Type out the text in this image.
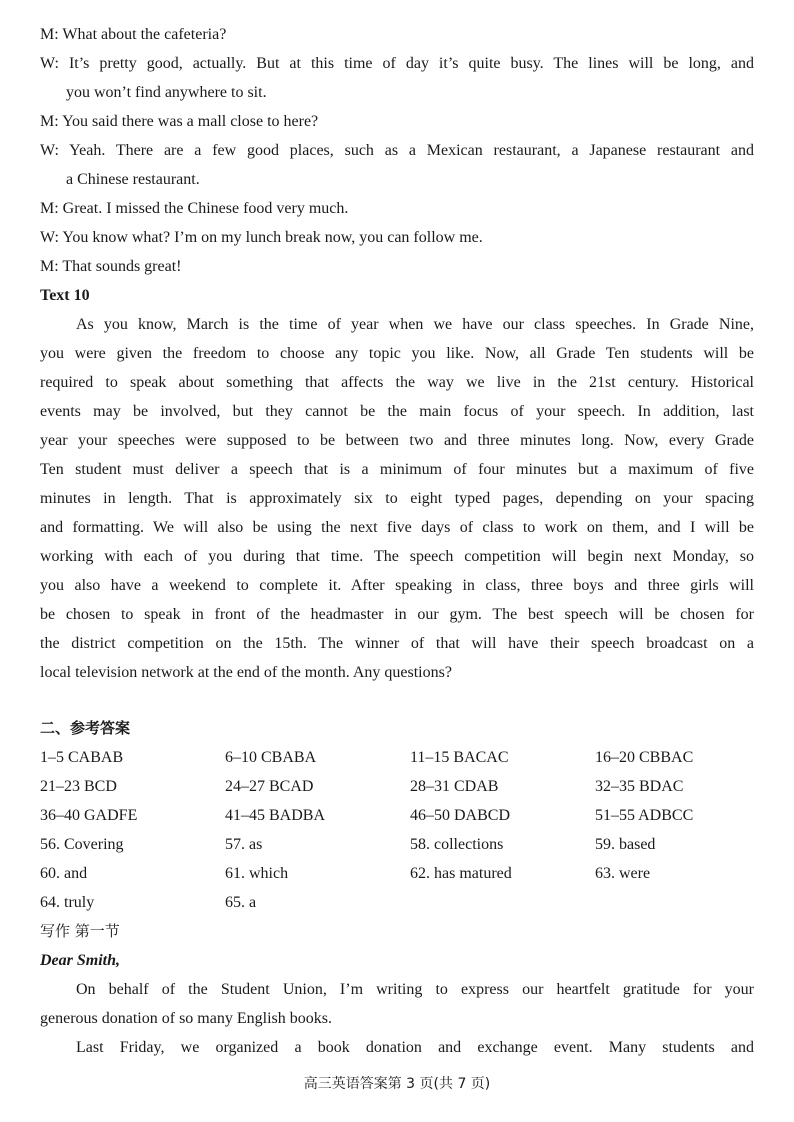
M: What about the cafeteria?
W: It’s pretty good, actually. But at this time of day it’s quite busy. The lines will be long, and
you won’t find anywhere to sit.
M: You said there was a mall close to here?
W: Yeah. There are a few good places, such as a Mexican restaurant, a Japanese restaurant and
a Chinese restaurant.
M: Great. I missed the Chinese food very much.
W: You know what? I’m on my lunch break now, you can follow me.
M: That sounds great!
Text 10
As you know, March is the time of year when we have our class speeches. In Grade Nine,
you were given the freedom to choose any topic you like. Now, all Grade Ten students will be
required to speak about something that affects the way we live in the 21st century. Historical
events may be involved, but they cannot be the main focus of your speech. In addition, last
year your speeches were supposed to be between two and three minutes long. Now, every Grade
Ten student must deliver a speech that is a minimum of four minutes but a maximum of five
minutes in length. That is approximately six to eight typed pages, depending on your spacing
and formatting. We will also be using the next five days of class to work on them, and I will be
working with each of you during that time. The speech competition will begin next Monday, so
you also have a weekend to complete it. After speaking in class, three boys and three girls will
be chosen to speak in front of the headmaster in our gym. The best speech will be chosen for
the district competition on the 15th. The winner of that will have their speech broadcast on a
local television network at the end of the month. Any questions?
二、参考答案
1–5 CABAB	6–10 CBABA	11–15 BACAC	16–20 CBBAC
21–23 BCD	24–27 BCAD	28–31 CDAB	32–35 BDAC
36–40 GADFE	41–45 BADBA	46–50 DABCD	51–55 ADBCC
56. Covering	57. as	58. collections	59. based
60. and	61. which	62. has matured	63. were
64. truly	65. a
写作 第一节
Dear Smith,
On behalf of the Student Union, I’m writing to express our heartfelt gratitude for your
generous donation of so many English books.
Last Friday, we organized a book donation and exchange event. Many students and
高三英语答案第 3 页(共 7 页)
